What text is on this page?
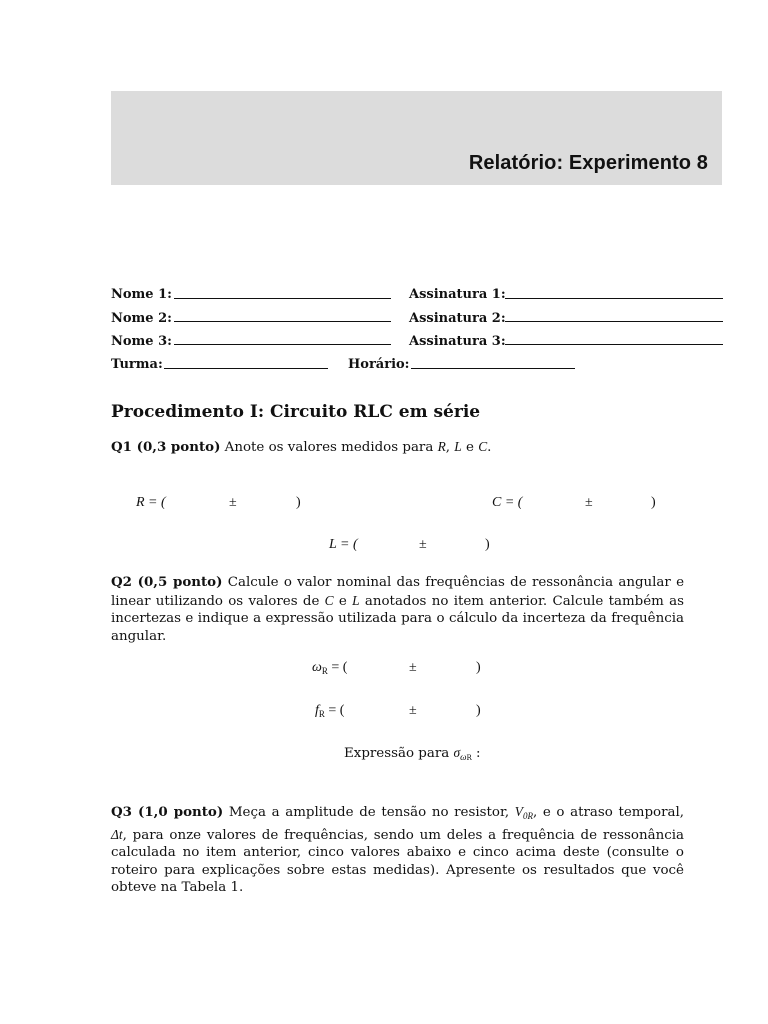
Relatório: Experimento 8
Nome 1:	Assinatura 1:
Nome 2:	Assinatura 2:
Nome 3:	Assinatura 3:
Turma:	Horário:
Procedimento I: Circuito RLC em série
Q1 (0,3 ponto) Anote os valores medidos para R, L e C.
R = (	±	)	C = (	±	)
L = (	±	)
Q2 (0,5 ponto) Calcule o valor nominal das frequências de ressonância angular e linear utilizando os valores de C e L anotados no item anterior. Calcule também as incertezas e indique a expressão utilizada para o cálculo da incerteza da frequência angular.
$\omega_R$ = (	±	)
$f_R$ = (	±	)
Expressão para $\sigma_{\omega R}$ :
Q3 (1,0 ponto) Meça a amplitude de tensão no resistor, $V_{0R}$, e o atraso temporal, Δt, para onze valores de frequências, sendo um deles a frequência de ressonância calculada no item anterior, cinco valores abaixo e cinco acima deste (consulte o roteiro para explicações sobre estas medidas). Apresente os resultados que você obteve na Tabela 1.
